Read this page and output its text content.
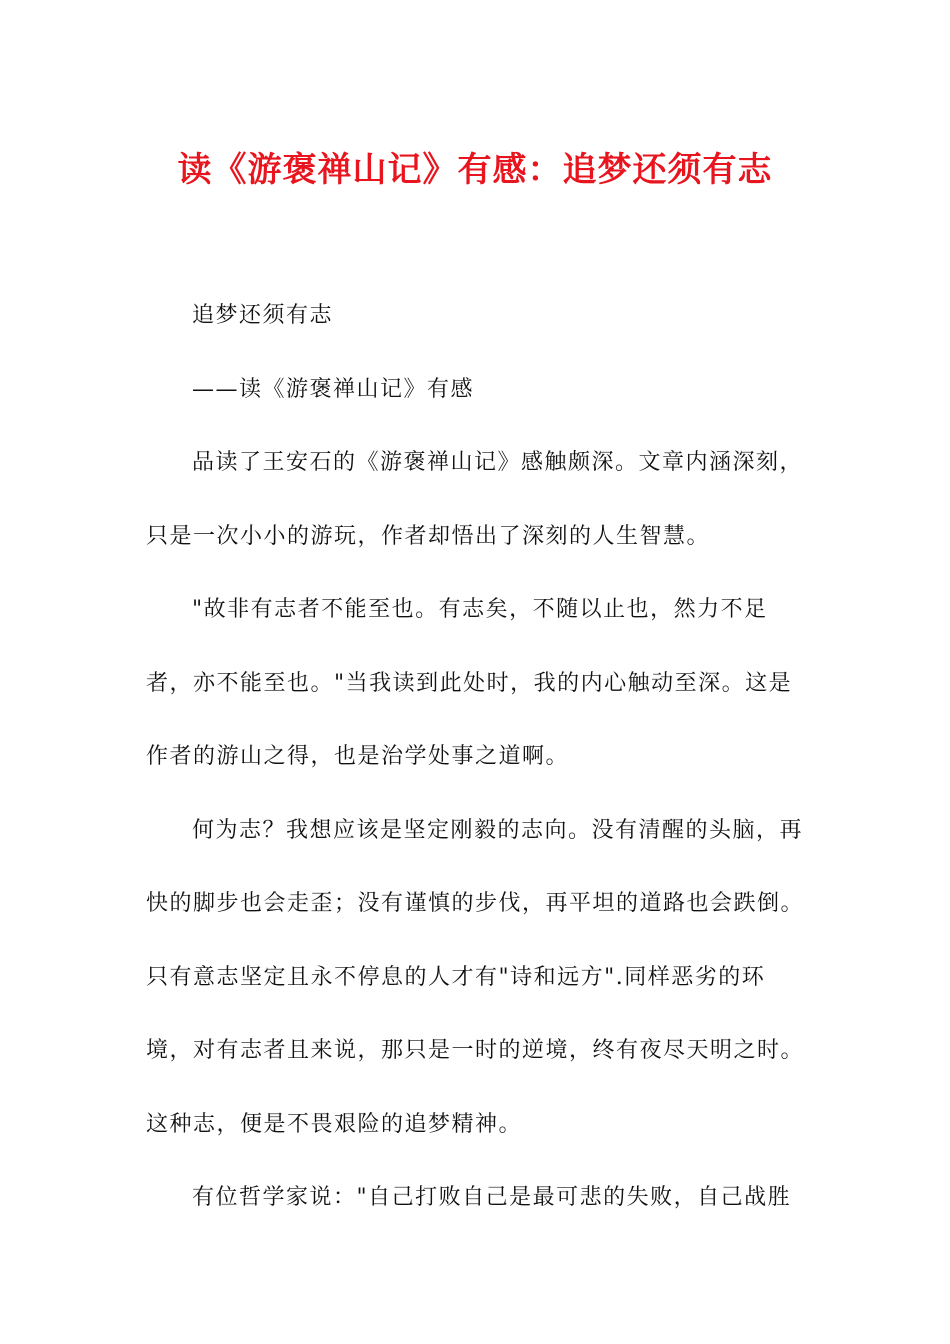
读《游褒禅山记》有感：追梦还须有志

追梦还须有志

——读《游褒禅山记》有感

品读了王安石的《游褒禅山记》感触颇深。文章内涵深刻，只是一次小小的游玩，作者却悟出了深刻的人生智慧。

"故非有志者不能至也。有志矣，不随以止也，然力不足者，亦不能至也。"当我读到此处时，我的内心触动至深。这是作者的游山之得，也是治学处事之道啊。

何为志？我想应该是坚定刚毅的志向。没有清醒的头脑，再快的脚步也会走歪；没有谨慎的步伐，再平坦的道路也会跌倒。只有意志坚定且永不停息的人才有"诗和远方".同样恶劣的环境，对有志者且来说，那只是一时的逆境，终有夜尽天明之时。这种志，便是不畏艰险的追梦精神。

有位哲学家说："自己打败自己是最可悲的失败，自己战胜
